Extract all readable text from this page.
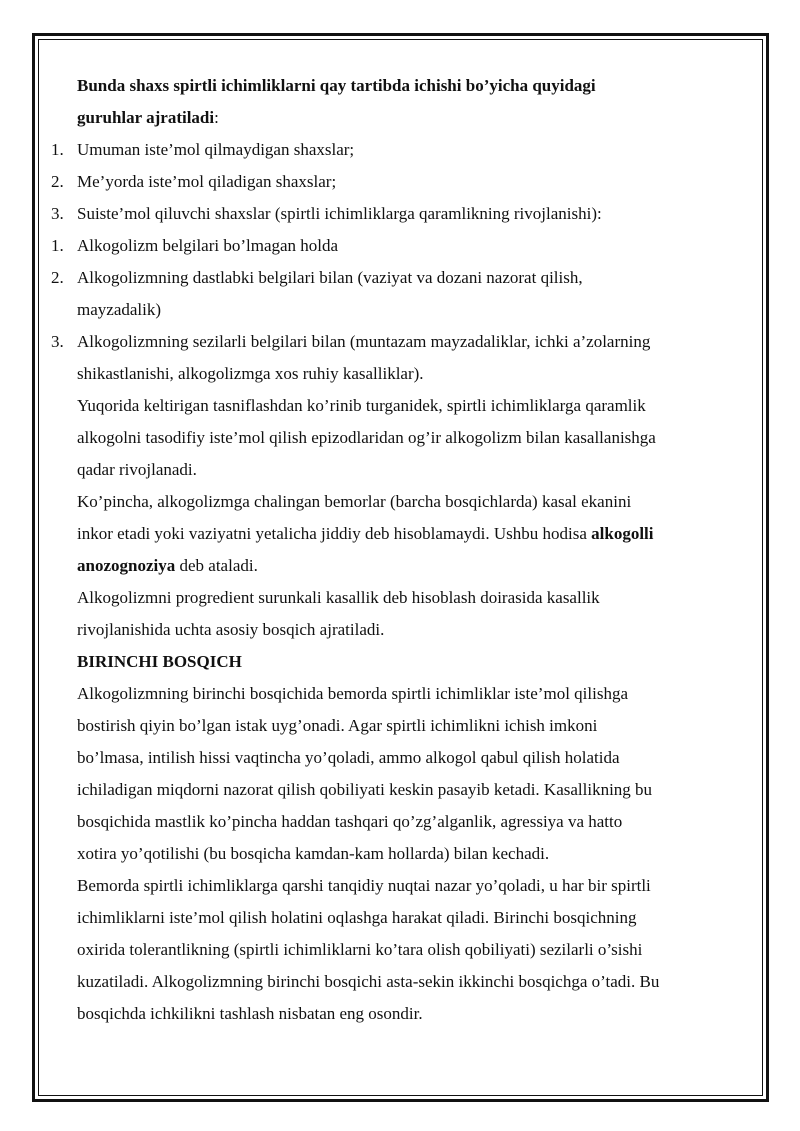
Bunda shaxs spirtli ichimliklarni qay tartibda ichishi bo’yicha quyidagi
guruhlar ajratiladi:
1. Umuman iste’mol qilmaydigan shaxslar;
2. Me’yorda iste’mol qiladigan shaxslar;
3. Suiste’mol qiluvchi shaxslar (spirtli ichimliklarga qaramlikning rivojlanishi):
1. Alkogolizm belgilari bo’lmagan holda
2. Alkogolizmning dastlabki belgilari bilan (vaziyat va dozani nazorat qilish,
mayzadalik)
3. Alkogolizmning sezilarli belgilari bilan (muntazam mayzadaliklar, ichki a’zolarning
shikastlanishi, alkogolizmga xos ruhiy kasalliklar).
Yuqorida keltirigan tasniflashdan ko’rinib turganidek, spirtli ichimliklarga qaramlik
alkogolni tasodifiy iste’mol qilish epizodlaridan og’ir alkogolizm bilan kasallanishga
qadar rivojlanadi.
Ko’pincha, alkogolizmga chalingan bemorlar (barcha bosqichlarda) kasal ekanini
inkor etadi yoki vaziyatni yetalicha jiddiy deb hisoblamaydi. Ushbu hodisa alkogolli
anozognoziya deb ataladi.
Alkogolizmni progredient surunkali kasallik deb hisoblash doirasida kasallik
rivojlanishida uchta asosiy bosqich ajratiladi.
BIRINCHI BOSQICH
Alkogolizmning birinchi bosqichida bemorda spirtli ichimliklar iste’mol qilishga
bostirish qiyin bo’lgan istak uyg’onadi. Agar spirtli ichimlikni ichish imkoni
bo’lmasa, intilish hissi vaqtincha yo’qoladi, ammo alkogol qabul qilish holatida
ichiladigan miqdorni nazorat qilish qobiliyati keskin pasayib ketadi. Kasallikning bu
bosqichida mastlik ko’pincha haddan tashqari qo’zg’alganlik, agressiya va hatto
xotira yo’qotilishi (bu bosqicha kamdan-kam hollarda) bilan kechadi.
Bemorda spirtli ichimliklarga qarshi tanqidiy nuqtai nazar yo’qoladi, u har bir spirtli
ichimliklarni iste’mol qilish holatini oqlashga harakat qiladi. Birinchi bosqichning
oxirida tolerantlikning (spirtli ichimliklarni ko’tara olish qobiliyati) sezilarli o’sishi
kuzatiladi. Alkogolizmning birinchi bosqichi asta-sekin ikkinchi bosqichga o’tadi. Bu
bosqichda ichkilikni tashlash nisbatan eng osondir.
